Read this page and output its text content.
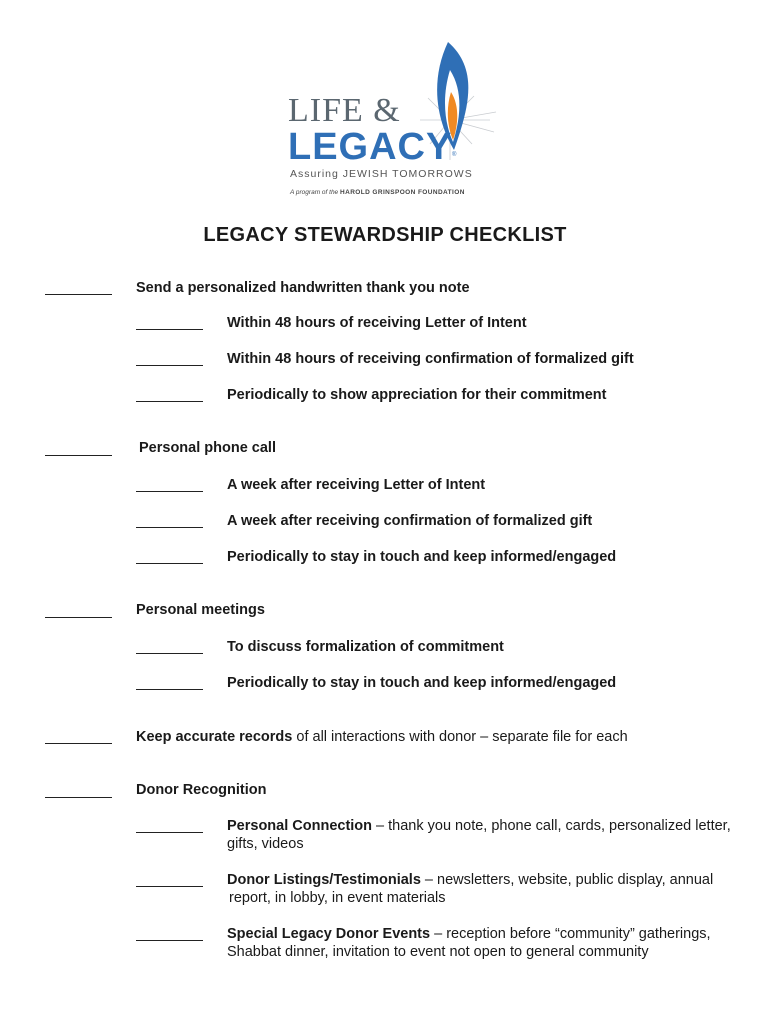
LIFE &
LEGACY ®
Assuring JEWISH TOMORROWS
A program of the HAROLD GRINSPOON FOUNDATION
LEGACY STEWARDSHIP CHECKLIST
Send a personalized handwritten thank you note
Within 48 hours of receiving Letter of Intent
Within 48 hours of receiving confirmation of formalized gift
Periodically to show appreciation for their commitment
Personal phone call
A week after receiving Letter of Intent
A week after receiving confirmation of formalized gift
Periodically to stay in touch and keep informed/engaged
Personal meetings
To discuss formalization of commitment
Periodically to stay in touch and keep informed/engaged
Keep accurate records of all interactions with donor – separate file for each
Donor Recognition
Personal Connection – thank you note, phone call, cards, personalized letter,
gifts, videos
Donor Listings/Testimonials – newsletters, website, public display, annual
report, in lobby, in event materials
Special Legacy Donor Events – reception before “community” gatherings,
Shabbat dinner, invitation to event not open to general community
